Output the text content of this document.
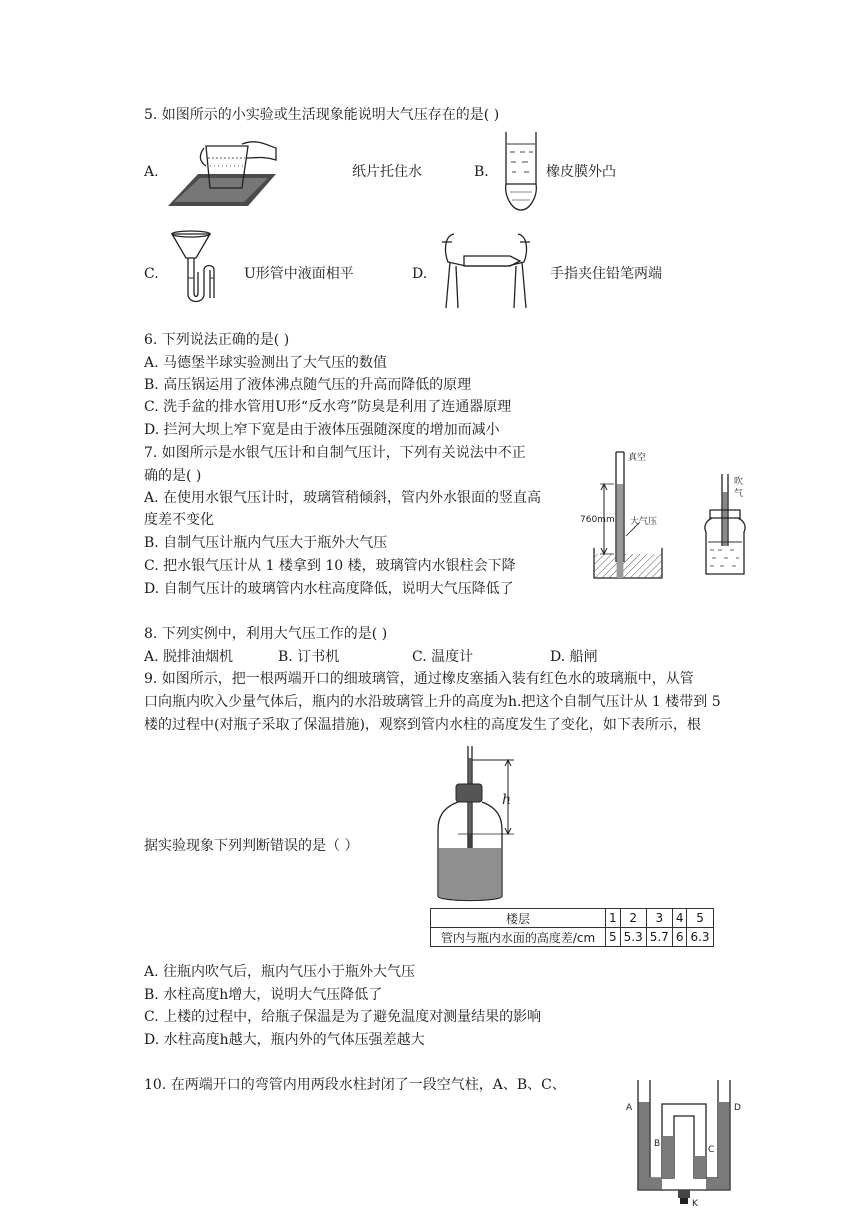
5. 如图所示的小实验或生活现象能说明大气压存在的是( )
A.	纸片托住水	B.	橡皮膜外凸
C.	U形管中液面相平	D.	手指夹住铅笔两端
6. 下列说法正确的是( )
A. 马德堡半球实验测出了大气压的数值
B. 高压锅运用了液体沸点随气压的升高而降低的原理
C. 洗手盆的排水管用U形“反水弯”防臭是利用了连通器原理
D. 拦河大坝上窄下宽是由于液体压强随深度的增加而减小
7. 如图所示是水银气压计和自制气压计，下列有关说法中不正
确的是( )
A. 在使用水银气压计时，玻璃管稍倾斜，管内外水银面的竖直高
度差不变化
B. 自制气压计瓶内气压大于瓶外大气压
C. 把水银气压计从 1 楼拿到 10 楼，玻璃管内水银柱会下降
D. 自制气压计的玻璃管内水柱高度降低，说明大气压降低了
真空
760mm 大气压
吹
气
8. 下列实例中，利用大气压工作的是( )
A. 脱排油烟机	B. 订书机	C. 温度计	D. 船闸
9. 如图所示，把一根两端开口的细玻璃管，通过橡皮塞插入装有红色水的玻璃瓶中，从管
口向瓶内吹入少量气体后，瓶内的水沿玻璃管上升的高度为h.把这个自制气压计从 1 楼带到 5
楼的过程中(对瓶子采取了保温措施)，观察到管内水柱的高度发生了变化，如下表所示，根
据实验现象下列判断错误的是（ ）
h
楼层	1	2	3	4	5
管内与瓶内水面的高度差/cm	5	5.3	5.7	6	6.3
A. 往瓶内吹气后，瓶内气压小于瓶外大气压
B. 水柱高度h增大，说明大气压降低了
C. 上楼的过程中，给瓶子保温是为了避免温度对测量结果的影响
D. 水柱高度h越大，瓶内外的气体压强差越大
10. 在两端开口的弯管内用两段水柱封闭了一段空气柱，A、B、C、
A
B
C
D
K
